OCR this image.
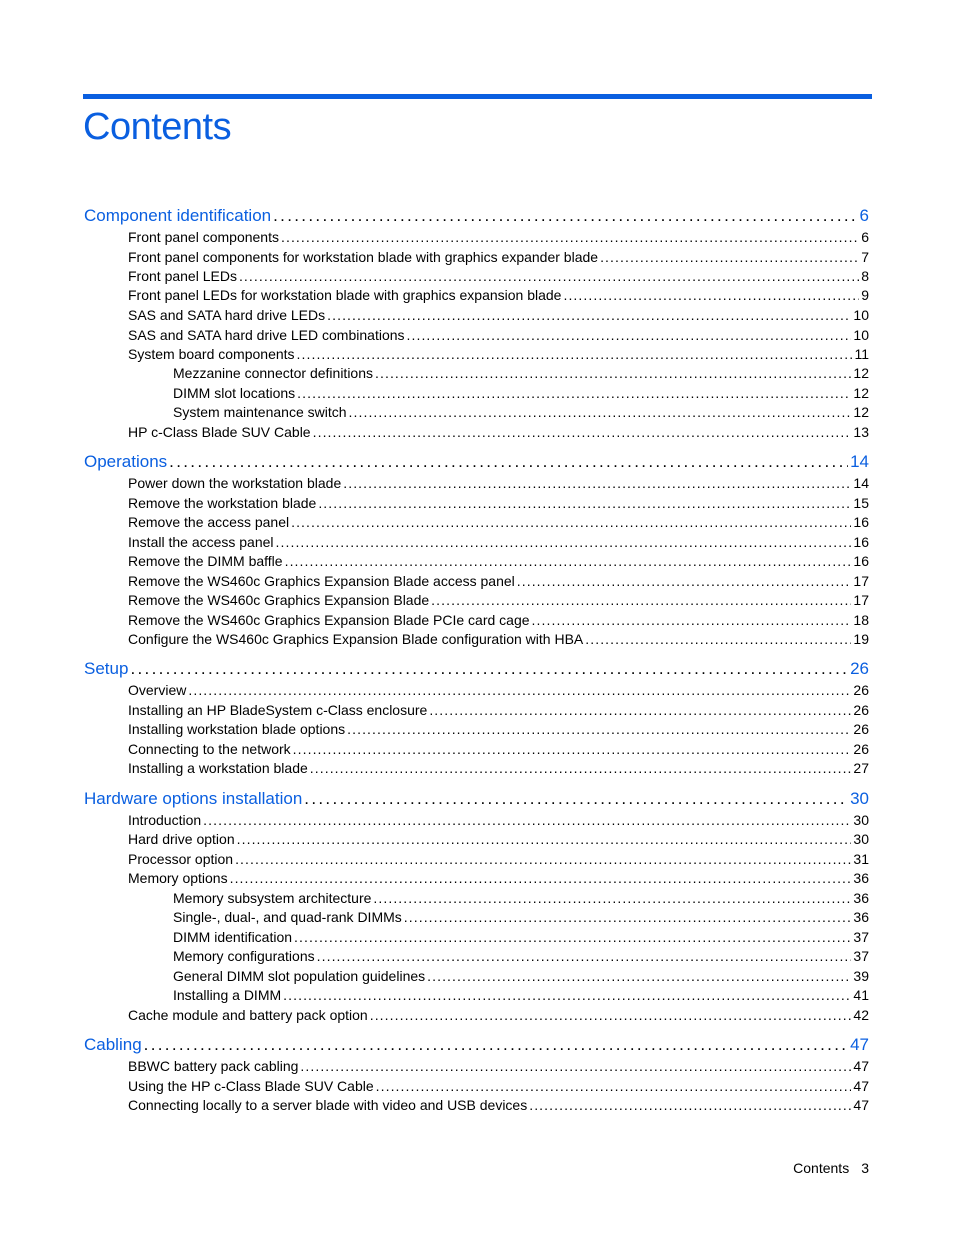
Contents
Component identification . . .	6
Front panel components . . .	6
Front panel components for workstation blade with graphics expander blade . . .	7
Front panel LEDs . . .	8
Front panel LEDs for workstation blade with graphics expansion blade . . .	9
SAS and SATA hard drive LEDs . . .	10
SAS and SATA hard drive LED combinations . . .	10
System board components . . .	11
Mezzanine connector definitions . . .	12
DIMM slot locations . . .	12
System maintenance switch . . .	12
HP c-Class Blade SUV Cable . . .	13
Operations . . .	14
Power down the workstation blade . . .	14
Remove the workstation blade . . .	15
Remove the access panel . . .	16
Install the access panel . . .	16
Remove the DIMM baffle . . .	16
Remove the WS460c Graphics Expansion Blade access panel . . .	17
Remove the WS460c Graphics Expansion Blade . . .	17
Remove the WS460c Graphics Expansion Blade PCIe card cage . . .	18
Configure the WS460c Graphics Expansion Blade configuration with HBA . . .	19
Setup . . .	26
Overview . . .	26
Installing an HP BladeSystem c-Class enclosure . . .	26
Installing workstation blade options . . .	26
Connecting to the network . . .	26
Installing a workstation blade . . .	27
Hardware options installation . . .	30
Introduction . . .	30
Hard drive option . . .	30
Processor option . . .	31
Memory options . . .	36
Memory subsystem architecture . . .	36
Single-, dual-, and quad-rank DIMMs . . .	36
DIMM identification . . .	37
Memory configurations . . .	37
General DIMM slot population guidelines . . .	39
Installing a DIMM . . .	41
Cache module and battery pack option . . .	42
Cabling . . .	47
BBWC battery pack cabling . . .	47
Using the HP c-Class Blade SUV Cable . . .	47
Connecting locally to a server blade with video and USB devices . . .	47
Contents 3
